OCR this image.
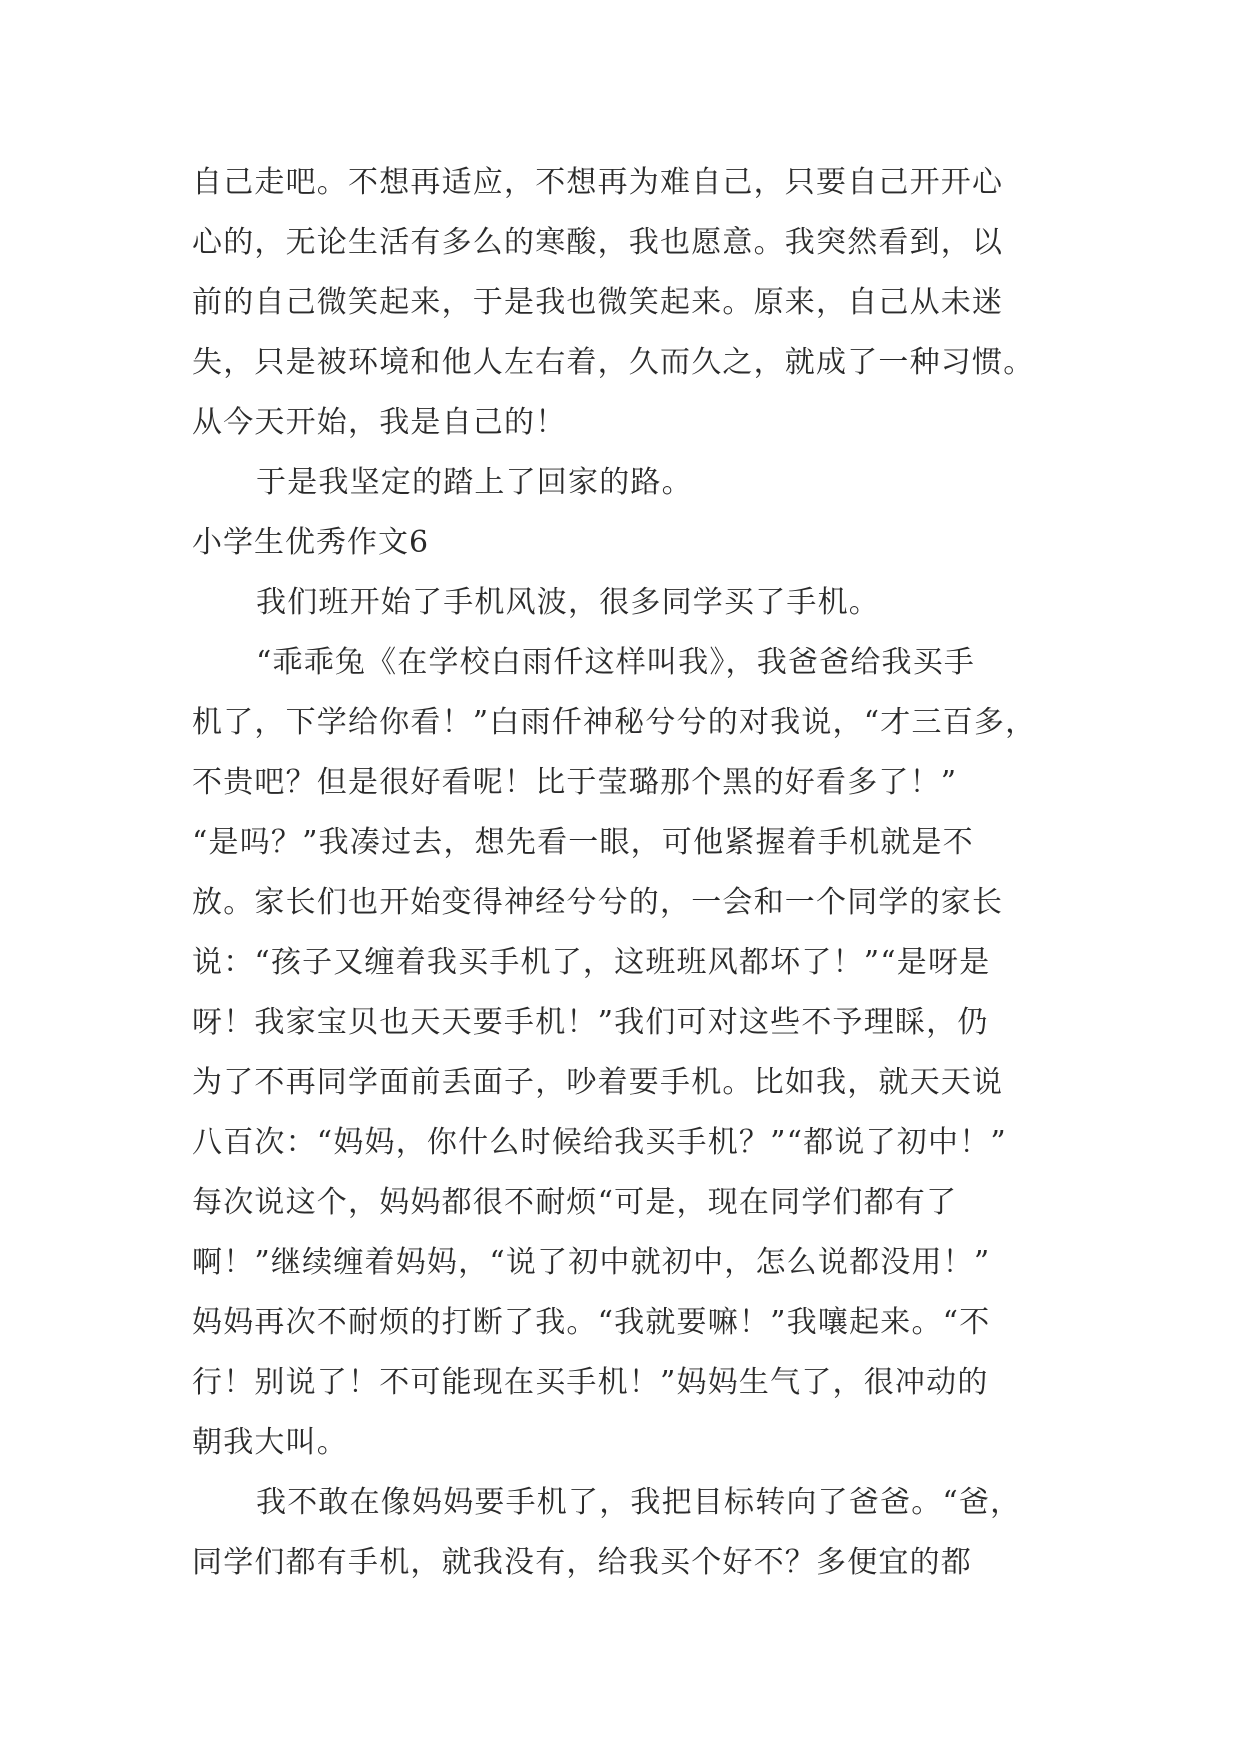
自己走吧。不想再适应，不想再为难自己，只要自己开开心
心的，无论生活有多么的寒酸，我也愿意。我突然看到，以
前的自己微笑起来，于是我也微笑起来。原来，自己从未迷
失，只是被环境和他人左右着，久而久之，就成了一种习惯。
从今天开始，我是自己的！
于是我坚定的踏上了回家的路。
小学生优秀作文6
我们班开始了手机风波，很多同学买了手机。
“乖乖兔《在学校白雨仟这样叫我》，我爸爸给我买手
机了，下学给你看！”白雨仟神秘兮兮的对我说，“才三百多，
不贵吧？但是很好看呢！比于莹璐那个黑的好看多了！”
“是吗？”我凑过去，想先看一眼，可他紧握着手机就是不
放。家长们也开始变得神经兮兮的，一会和一个同学的家长
说：“孩子又缠着我买手机了，这班班风都坏了！”“是呀是
呀！我家宝贝也天天要手机！”我们可对这些不予理睬，仍
为了不再同学面前丢面子，吵着要手机。比如我，就天天说
八百次：“妈妈，你什么时候给我买手机？”“都说了初中！”
每次说这个，妈妈都很不耐烦“可是，现在同学们都有了
啊！”继续缠着妈妈，“说了初中就初中，怎么说都没用！”
妈妈再次不耐烦的打断了我。“我就要嘛！”我嚷起来。“不
行！别说了！不可能现在买手机！”妈妈生气了，很冲动的
朝我大叫。
我不敢在像妈妈要手机了，我把目标转向了爸爸。“爸，
同学们都有手机，就我没有，给我买个好不？多便宜的都
